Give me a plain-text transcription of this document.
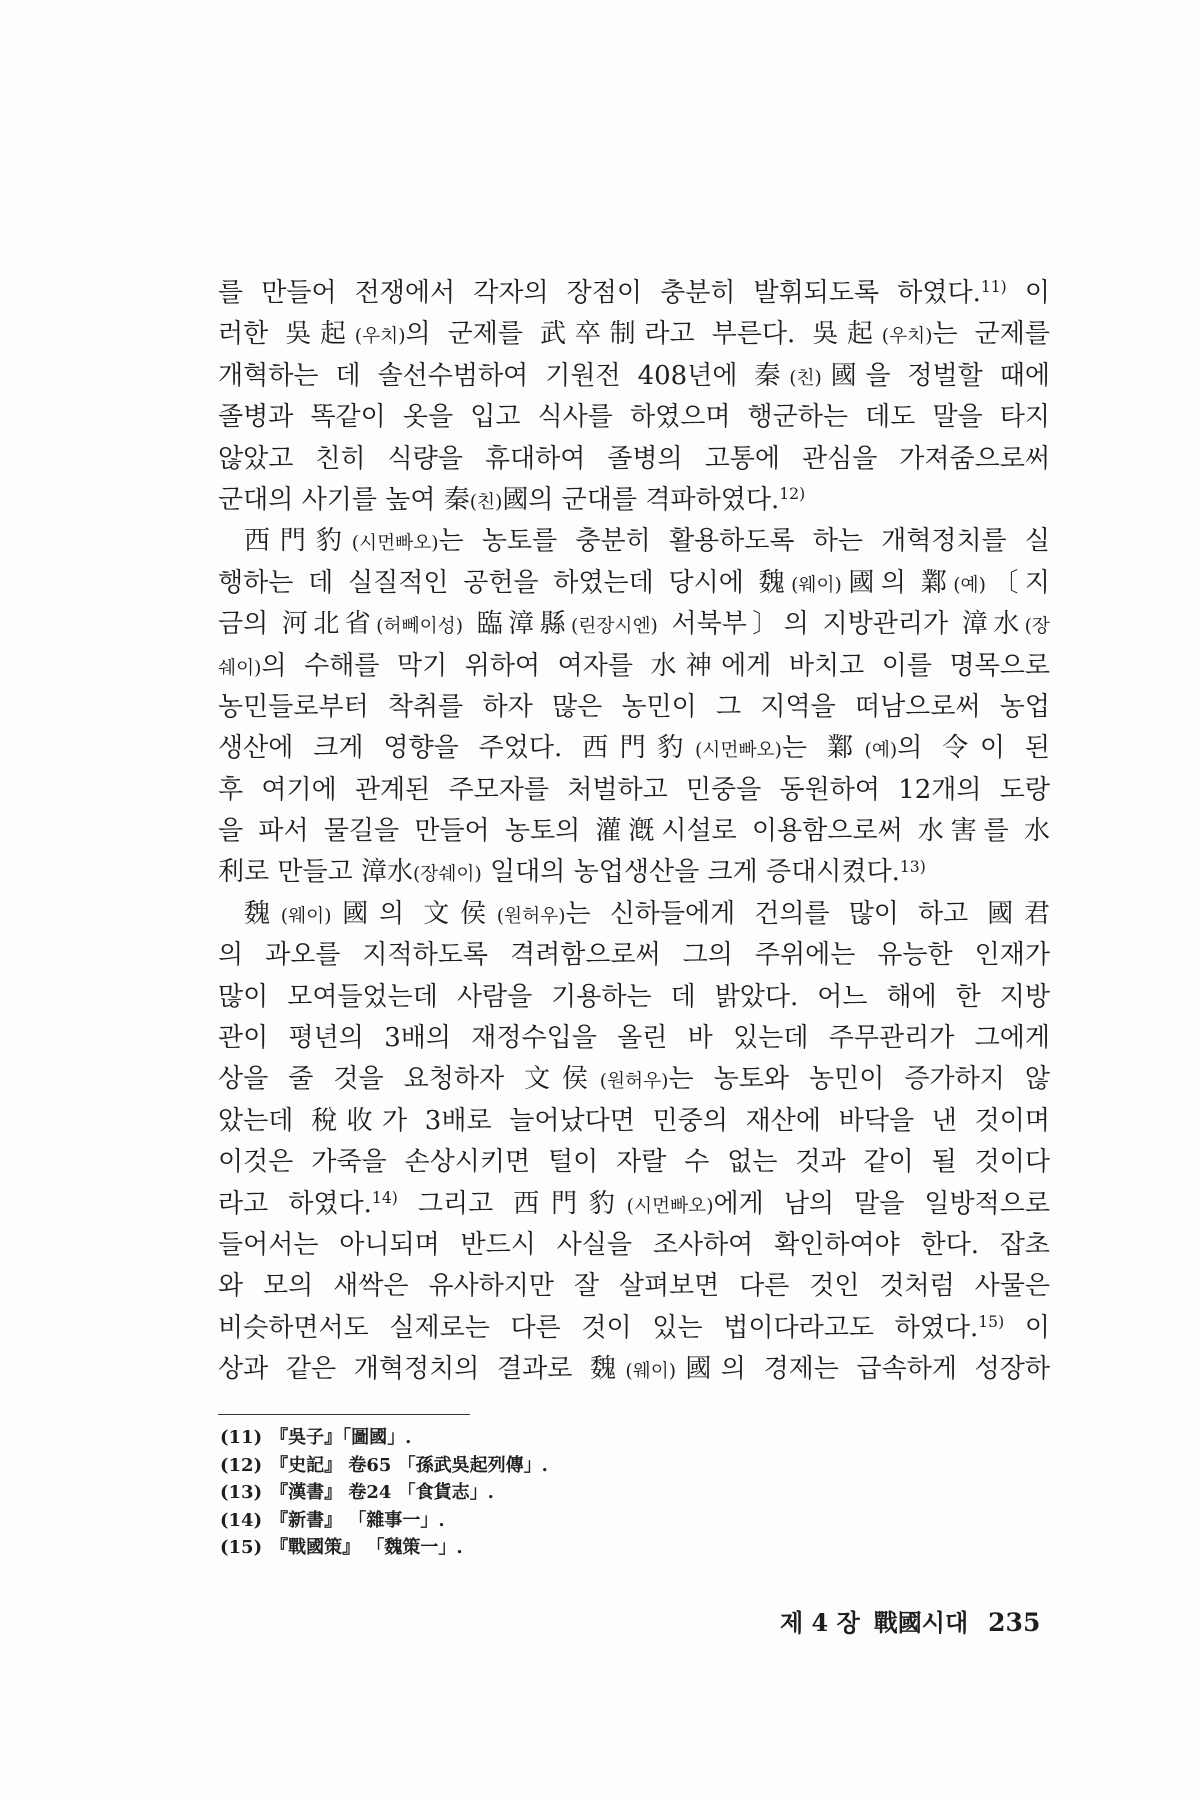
를 만들어 전쟁에서 각자의 장점이 충분히 발휘되도록 하였다.$^{11)}$ 이
러한 吳起(우치)의 군제를 武卒制라고 부른다. 吳起(우치)는 군제를
개혁하는 데 솔선수범하여 기원전 408년에 秦(친)國을 정벌할 때에
졸병과 똑같이 옷을 입고 식사를 하였으며 행군하는 데도 말을 타지
않았고 친히 식량을 휴대하여 졸병의 고통에 관심을 가져줌으로써
군대의 사기를 높여 秦(친)國의 군대를 격파하였다.$^{12)}$
西門豹(시먼빠오)는 농토를 충분히 활용하도록 하는 개혁정치를 실
행하는 데 실질적인 공헌을 하였는데 당시에 魏(웨이)國의 鄴(예)〔지
금의 河北省(허뻬이성) 臨漳縣(린장시엔) 서북부〕의 지방관리가 漳水(장
쉐이)의 수해를 막기 위하여 여자를 水神에게 바치고 이를 명목으로
농민들로부터 착취를 하자 많은 농민이 그 지역을 떠남으로써 농업
생산에 크게 영향을 주었다. 西門豹(시먼빠오)는 鄴(예)의 令이 된
후 여기에 관계된 주모자를 처벌하고 민중을 동원하여 12개의 도랑
을 파서 물길을 만들어 농토의 灌漑시설로 이용함으로써 水害를 水
利로 만들고 漳水(장쉐이) 일대의 농업생산을 크게 증대시켰다.$^{13)}$
魏(웨이)國의 文侯(원허우)는 신하들에게 건의를 많이 하고 國君
의 과오를 지적하도록 격려함으로써 그의 주위에는 유능한 인재가
많이 모여들었는데 사람을 기용하는 데 밝았다. 어느 해에 한 지방
관이 평년의 3배의 재정수입을 올린 바 있는데 주무관리가 그에게
상을 줄 것을 요청하자 文侯(원허우)는 농토와 농민이 증가하지 않
았는데 稅收가 3배로 늘어났다면 민중의 재산에 바닥을 낸 것이며
이것은 가죽을 손상시키면 털이 자랄 수 없는 것과 같이 될 것이다
라고 하였다.$^{14)}$ 그리고 西門豹(시먼빠오)에게 남의 말을 일방적으로
들어서는 아니되며 반드시 사실을 조사하여 확인하여야 한다. 잡초
와 모의 새싹은 유사하지만 잘 살펴보면 다른 것인 것처럼 사물은
비슷하면서도 실제로는 다른 것이 있는 법이다라고도 하였다.$^{15)}$ 이
상과 같은 개혁정치의 결과로 魏(웨이)國의 경제는 급속하게 성장하
(11) 『吳子』「圖國」.
(12) 『史記』 卷65 「孫武吳起列傳」.
(13) 『漢書』 卷24 「食貨志」.
(14) 『新書』 「雜事一」.
(15) 『戰國策』 「魏策一」.
제 4 장 戰國시대 235
